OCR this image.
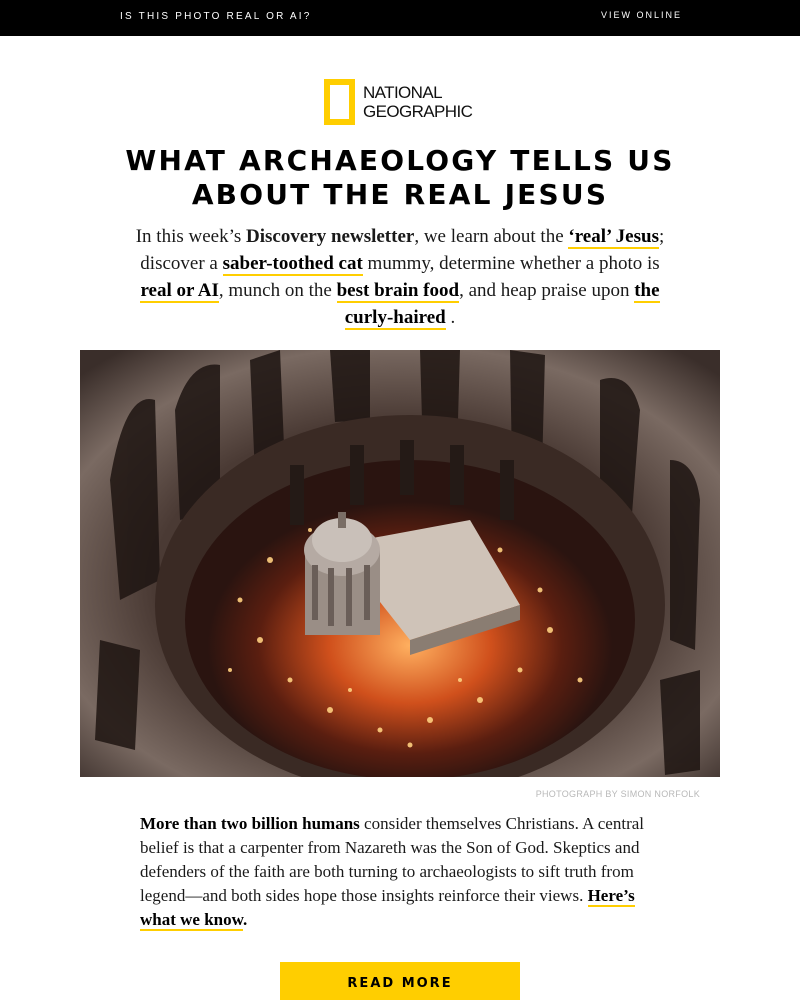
IS THIS PHOTO REAL OR AI?	VIEW ONLINE
NATIONAL
GEOGRAPHIC
WHAT ARCHAEOLOGY TELLS US
ABOUT THE REAL JESUS

In this week’s Discovery newsletter, we learn about the ‘real’ Jesus; discover a saber-toothed cat mummy, determine whether a photo is real or AI, munch on the best brain food, and heap praise upon the curly-haired .

PHOTOGRAPH BY SIMON NORFOLK

More than two billion humans consider themselves Christians. A central belief is that a carpenter from Nazareth was the Son of God. Skeptics and defenders of the faith are both turning to archaeologists to sift truth from legend—and both sides hope those insights reinforce their views. Here’s what we know.

READ MORE
